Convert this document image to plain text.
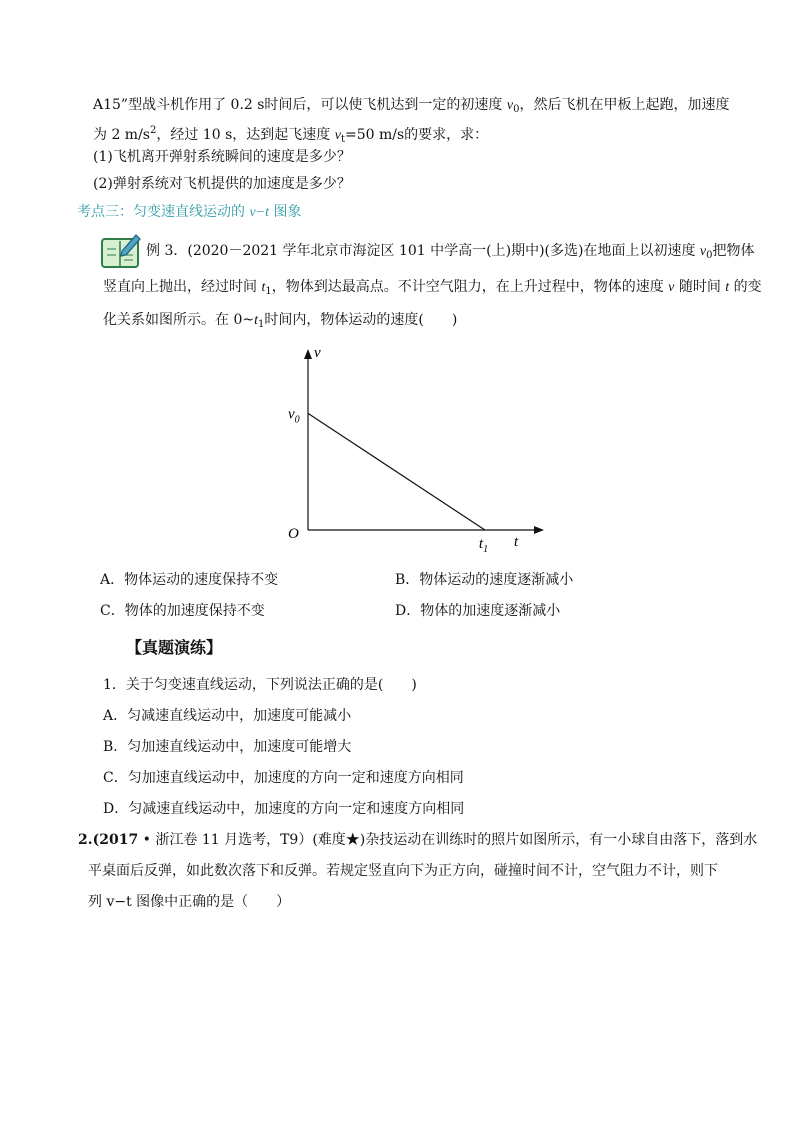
A15”型战斗机作用了 0.2 s时间后，可以使飞机达到一定的初速度 $v_0$，然后飞机在甲板上起跑，加速度
为 2 $m/s^2$，经过 10 s，达到起飞速度 $v_t=50$ m/s的要求，求：
(1)飞机离开弹射系统瞬间的速度是多少？
(2)弹射系统对飞机提供的加速度是多少？
考点三：匀变速直线运动的 v−t 图象
例 3．(2020－2021 学年北京市海淀区 101 中学高一(上)期中)(多选)在地面上以初速度 $v_0$把物体
竖直向上抛出，经过时间 $t_1$，物体到达最高点。不计空气阻力，在上升过程中，物体的速度 v 随时间 t 的变
化关系如图所示。在 $0\sim t_1$时间内，物体运动的速度(　　)
v
t
O
$v_0$
$t_1$
A．物体运动的速度保持不变	B．物体运动的速度逐渐减小
C．物体的加速度保持不变	D．物体的加速度逐渐减小
【真题演练】
1．关于匀变速直线运动，下列说法正确的是(　　)
A．匀减速直线运动中，加速度可能减小
B．匀加速直线运动中，加速度可能增大
C．匀加速直线运动中，加速度的方向一定和速度方向相同
D．匀减速直线运动中，加速度的方向一定和速度方向相同
2.(2017 • 浙江卷 11 月选考，T9）(难度★)杂技运动在训练时的照片如图所示，有一小球自由落下，落到水
平桌面后反弹，如此数次落下和反弹。若规定竖直向下为正方向，碰撞时间不计，空气阻力不计，则下
列 v−t 图像中正确的是（　　）
